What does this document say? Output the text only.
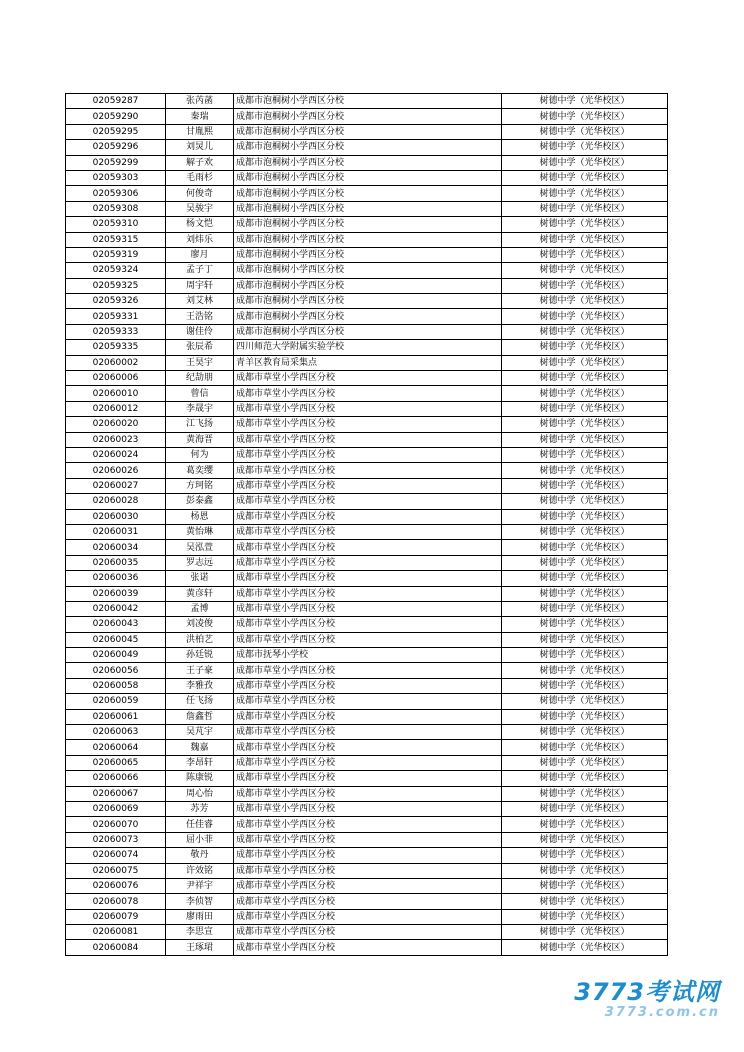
02059287	张芮菡	成都市泡桐树小学西区分校	树德中学（光华校区）
02059290	秦瑞	成都市泡桐树小学西区分校	树德中学（光华校区）
02059295	甘胤熙	成都市泡桐树小学西区分校	树德中学（光华校区）
02059296	刘炅儿	成都市泡桐树小学西区分校	树德中学（光华校区）
02059299	解子欢	成都市泡桐树小学西区分校	树德中学（光华校区）
02059303	毛雨杉	成都市泡桐树小学西区分校	树德中学（光华校区）
02059306	何俊奇	成都市泡桐树小学西区分校	树德中学（光华校区）
02059308	吴骏宇	成都市泡桐树小学西区分校	树德中学（光华校区）
02059310	杨文恺	成都市泡桐树小学西区分校	树德中学（光华校区）
02059315	刘炜乐	成都市泡桐树小学西区分校	树德中学（光华校区）
02059319	廖月	成都市泡桐树小学西区分校	树德中学（光华校区）
02059324	孟子丁	成都市泡桐树小学西区分校	树德中学（光华校区）
02059325	周宇轩	成都市泡桐树小学西区分校	树德中学（光华校区）
02059326	刘艾林	成都市泡桐树小学西区分校	树德中学（光华校区）
02059331	王浩铭	成都市泡桐树小学西区分校	树德中学（光华校区）
02059333	谢佳伶	成都市泡桐树小学西区分校	树德中学（光华校区）
02059335	张辰希	四川师范大学附属实验学校	树德中学（光华校区）
02060002	王昊宇	青羊区教育局采集点	树德中学（光华校区）
02060006	纪劼朋	成都市草堂小学西区分校	树德中学（光华校区）
02060010	曾信	成都市草堂小学西区分校	树德中学（光华校区）
02060012	李晟宇	成都市草堂小学西区分校	树德中学（光华校区）
02060020	江飞扬	成都市草堂小学西区分校	树德中学（光华校区）
02060023	黄海晋	成都市草堂小学西区分校	树德中学（光华校区）
02060024	何为	成都市草堂小学西区分校	树德中学（光华校区）
02060026	葛奕缨	成都市草堂小学西区分校	树德中学（光华校区）
02060027	方珂铭	成都市草堂小学西区分校	树德中学（光华校区）
02060028	彭泰鑫	成都市草堂小学西区分校	树德中学（光华校区）
02060030	杨恩	成都市草堂小学西区分校	树德中学（光华校区）
02060031	黄怡琳	成都市草堂小学西区分校	树德中学（光华校区）
02060034	吴泓萱	成都市草堂小学西区分校	树德中学（光华校区）
02060035	罗志远	成都市草堂小学西区分校	树德中学（光华校区）
02060036	张诺	成都市草堂小学西区分校	树德中学（光华校区）
02060039	黄彦轩	成都市草堂小学西区分校	树德中学（光华校区）
02060042	孟博	成都市草堂小学西区分校	树德中学（光华校区）
02060043	刘凌俊	成都市草堂小学西区分校	树德中学（光华校区）
02060045	洪柏艺	成都市草堂小学西区分校	树德中学（光华校区）
02060049	孙廷锐	成都市抚琴小学校	树德中学（光华校区）
02060056	王子豪	成都市草堂小学西区分校	树德中学（光华校区）
02060058	李雅孜	成都市草堂小学西区分校	树德中学（光华校区）
02060059	任飞扬	成都市草堂小学西区分校	树德中学（光华校区）
02060061	詹鑫哲	成都市草堂小学西区分校	树德中学（光华校区）
02060063	吴芃宇	成都市草堂小学西区分校	树德中学（光华校区）
02060064	魏嘉	成都市草堂小学西区分校	树德中学（光华校区）
02060065	李昂轩	成都市草堂小学西区分校	树德中学（光华校区）
02060066	陈康锐	成都市草堂小学西区分校	树德中学（光华校区）
02060067	周心怡	成都市草堂小学西区分校	树德中学（光华校区）
02060069	苏芳	成都市草堂小学西区分校	树德中学（光华校区）
02060070	任佳睿	成都市草堂小学西区分校	树德中学（光华校区）
02060073	屈小菲	成都市草堂小学西区分校	树德中学（光华校区）
02060074	敬丹	成都市草堂小学西区分校	树德中学（光华校区）
02060075	许效铭	成都市草堂小学西区分校	树德中学（光华校区）
02060076	尹祥宇	成都市草堂小学西区分校	树德中学（光华校区）
02060078	李侦智	成都市草堂小学西区分校	树德中学（光华校区）
02060079	廖雨田	成都市草堂小学西区分校	树德中学（光华校区）
02060081	李思宣	成都市草堂小学西区分校	树德中学（光华校区）
02060084	王琢珺	成都市草堂小学西区分校	树德中学（光华校区）
3773考试网
3773.com.cn
